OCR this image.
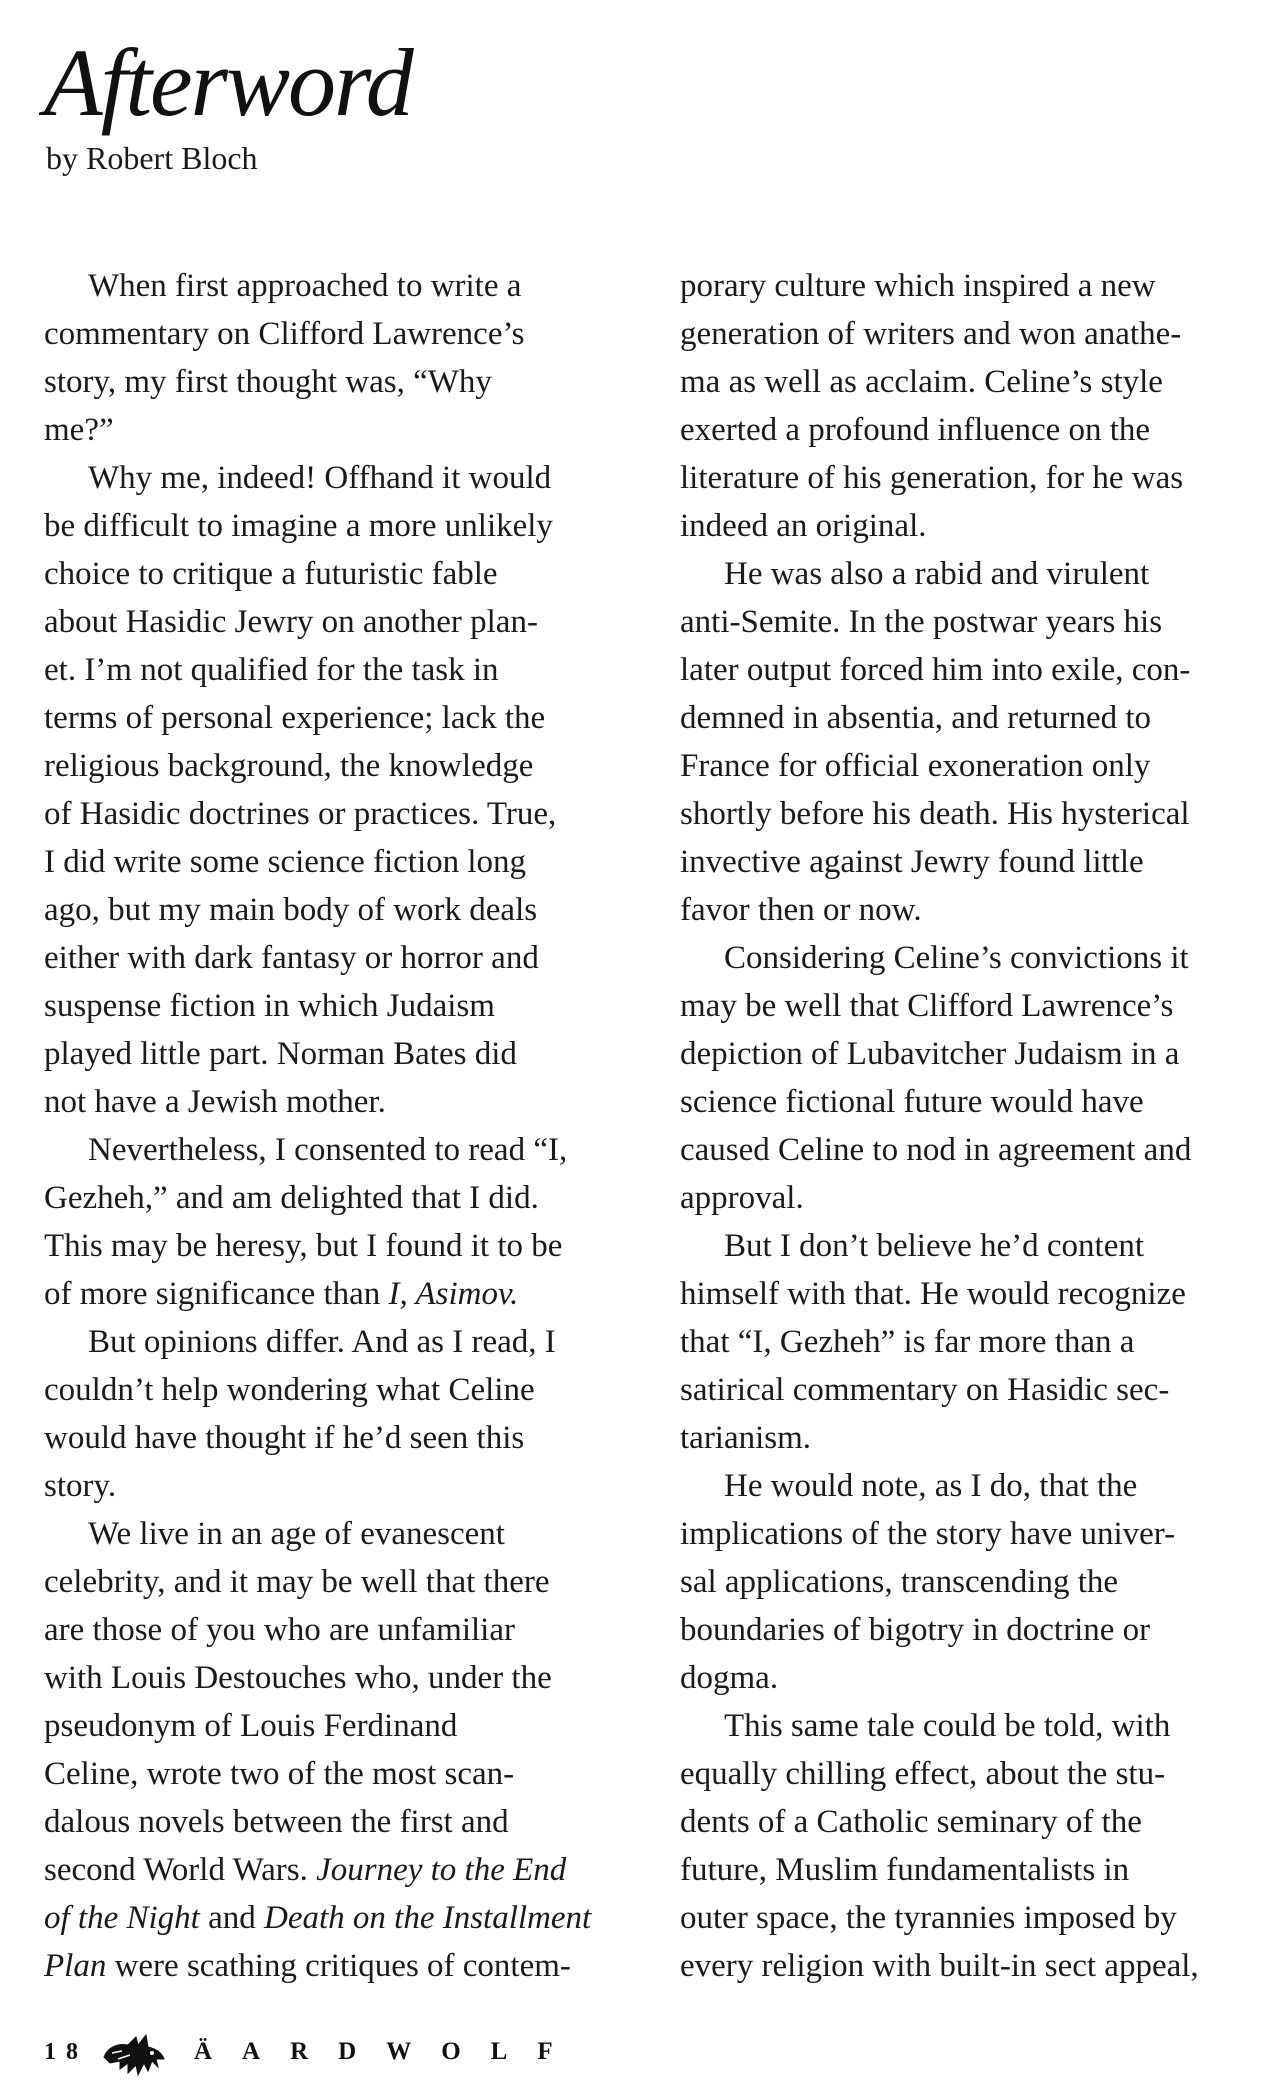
Afterword
by Robert Bloch

When first approached to write a
commentary on Clifford Lawrence’s
story, my first thought was, “Why
me?”

Why me, indeed! Offhand it would
be difficult to imagine a more unlikely
choice to critique a futuristic fable
about Hasidic Jewry on another plan-
et. I’m not qualified for the task in
terms of personal experience; lack the
religious background, the knowledge
of Hasidic doctrines or practices. True,
I did write some science fiction long
ago, but my main body of work deals
either with dark fantasy or horror and
suspense fiction in which Judaism
played little part. Norman Bates did
not have a Jewish mother.

Nevertheless, I consented to read “I,
Gezheh,” and am delighted that I did.
This may be heresy, but I found it to be
of more significance than I, Asimov.

But opinions differ. And as I read, I
couldn’t help wondering what Celine
would have thought if he’d seen this
story.

We live in an age of evanescent
celebrity, and it may be well that there
are those of you who are unfamiliar
with Louis Destouches who, under the
pseudonym of Louis Ferdinand
Celine, wrote two of the most scan-
dalous novels between the first and
second World Wars. Journey to the End
of the Night and Death on the Installment
Plan were scathing critiques of contem-

porary culture which inspired a new
generation of writers and won anathe-
ma as well as acclaim. Celine’s style
exerted a profound influence on the
literature of his generation, for he was
indeed an original.

He was also a rabid and virulent
anti-Semite. In the postwar years his
later output forced him into exile, con-
demned in absentia, and returned to
France for official exoneration only
shortly before his death. His hysterical
invective against Jewry found little
favor then or now.

Considering Celine’s convictions it
may be well that Clifford Lawrence’s
depiction of Lubavitcher Judaism in a
science fictional future would have
caused Celine to nod in agreement and
approval.

But I don’t believe he’d content
himself with that. He would recognize
that “I, Gezheh” is far more than a
satirical commentary on Hasidic sec-
tarianism.

He would note, as I do, that the
implications of the story have univer-
sal applications, transcending the
boundaries of bigotry in doctrine or
dogma.

This same tale could be told, with
equally chilling effect, about the stu-
dents of a Catholic seminary of the
future, Muslim fundamentalists in
outer space, the tyrannies imposed by
every religion with built-in sect appeal,

18	ÄARDWOLF
